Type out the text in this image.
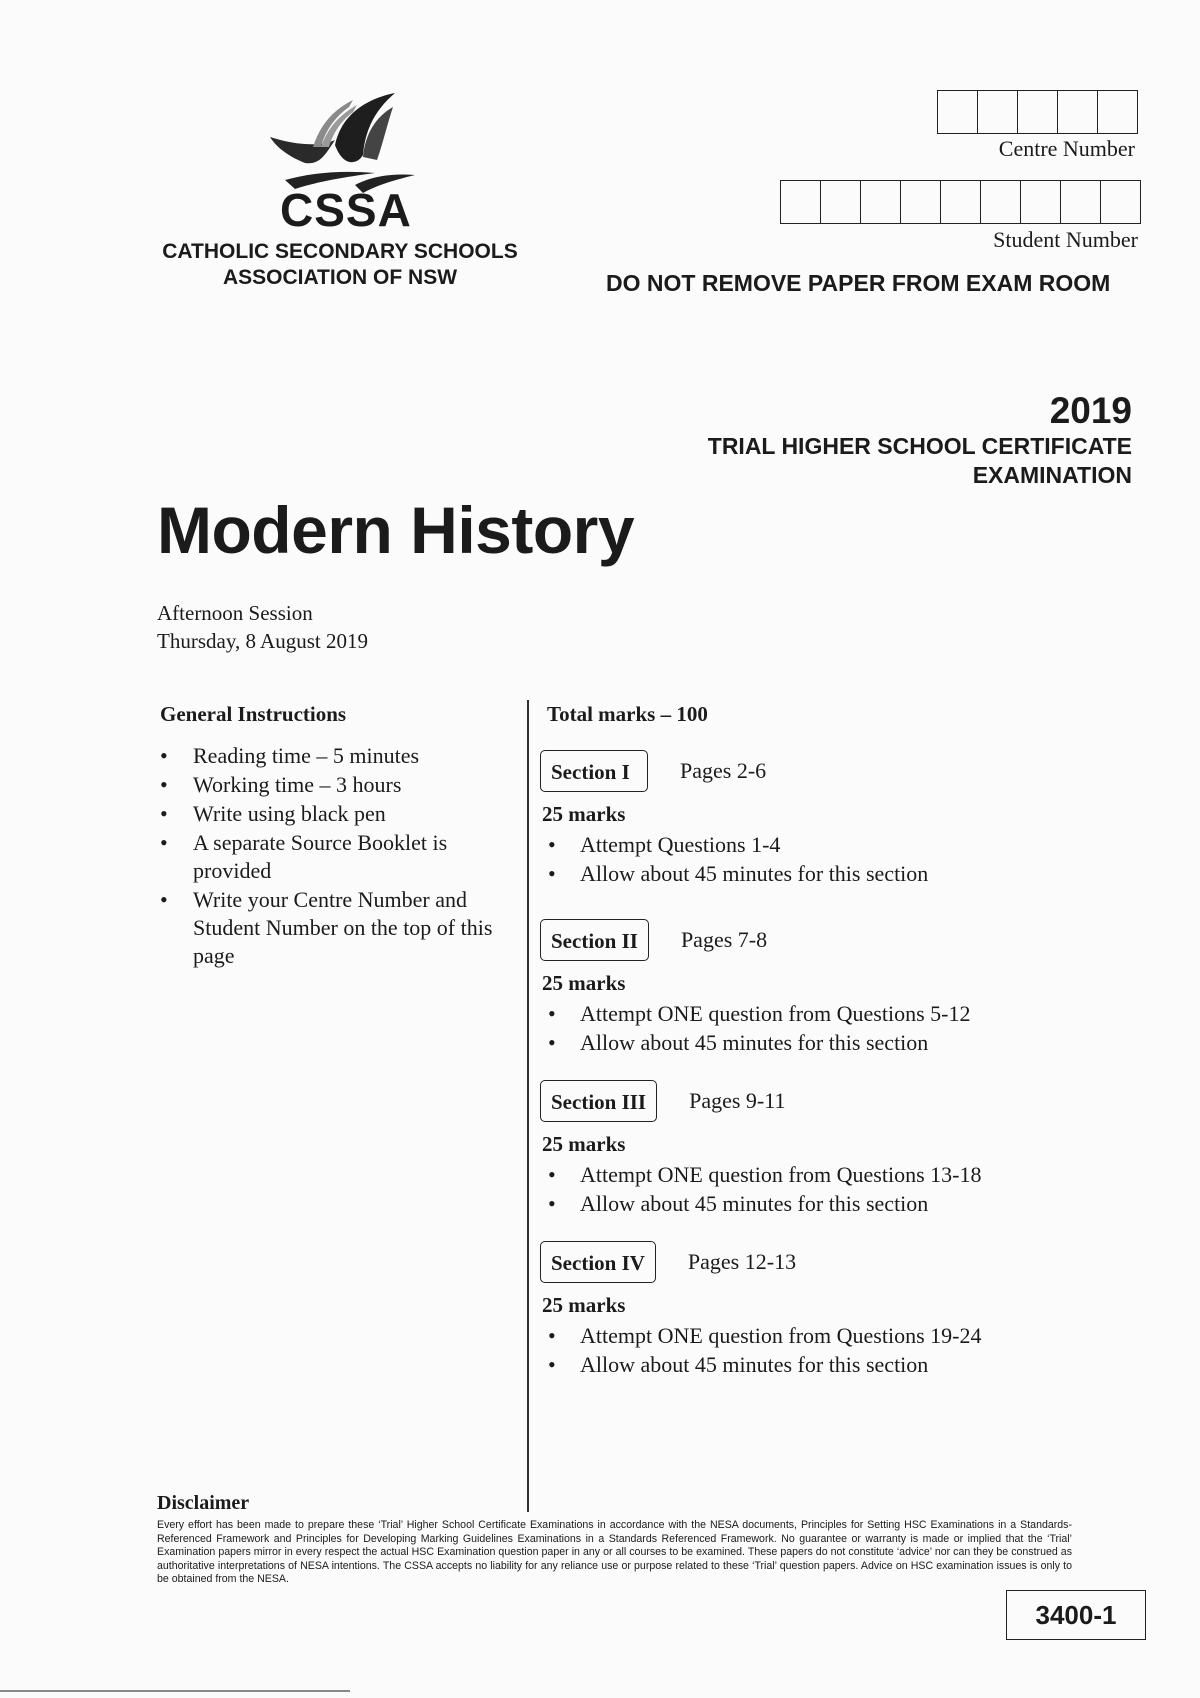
CSSA
CATHOLIC SECONDARY SCHOOLS
ASSOCIATION OF NSW
Centre Number
Student Number
DO NOT REMOVE PAPER FROM EXAM ROOM
2019
TRIAL HIGHER SCHOOL CERTIFICATE
EXAMINATION
Modern History
Afternoon Session
Thursday, 8 August 2019
General Instructions
• Reading time – 5 minutes
• Working time – 3 hours
• Write using black pen
• A separate Source Booklet is provided
• Write your Centre Number and Student Number on the top of this page
Total marks – 100
Section I	Pages 2-6
25 marks
• Attempt Questions 1-4
• Allow about 45 minutes for this section
Section II	Pages 7-8
25 marks
• Attempt ONE question from Questions 5-12
• Allow about 45 minutes for this section
Section III	Pages 9-11
25 marks
• Attempt ONE question from Questions 13-18
• Allow about 45 minutes for this section
Section IV	Pages 12-13
25 marks
• Attempt ONE question from Questions 19-24
• Allow about 45 minutes for this section
Disclaimer
Every effort has been made to prepare these ‘Trial’ Higher School Certificate Examinations in accordance with the NESA documents, Principles for Setting HSC Examinations in a Standards-Referenced Framework and Principles for Developing Marking Guidelines Examinations in a Standards Referenced Framework. No guarantee or warranty is made or implied that the ‘Trial’ Examination papers mirror in every respect the actual HSC Examination question paper in any or all courses to be examined. These papers do not constitute ‘advice’ nor can they be construed as authoritative interpretations of NESA intentions. The CSSA accepts no liability for any reliance use or purpose related to these ‘Trial’ question papers. Advice on HSC examination issues is only to be obtained from the NESA.
3400-1
